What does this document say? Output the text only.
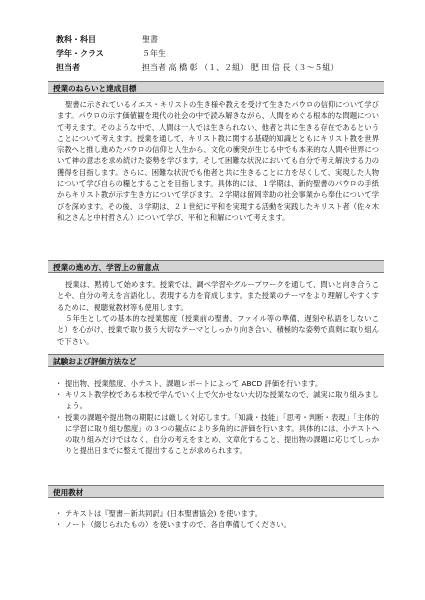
教科・科目	聖書
学年・クラス	５年生
担当者	担当者 高 橋 彰 （１、２組） 肥 田 信 長（３～５組）
授業のねらいと達成目標

聖書に示されているイエス・キリストの生き様や教えを受けて生きたパウロの信仰について学びます。パウロの示す価値観を現代の社会の中で読み解きながら、人間をめぐる根本的な問題について考えます。そのような中で、人間は一人では生きられない、他者と共に生きる存在であるということについて考えます。授業を通して、キリスト教に関する基礎的知識とともにキリスト教を世界宗教へと推し進めたパウロの信仰と人生から、文化の衝突が生じる中でも本来的な人間や世界について神の意志を求め続けた姿勢を学びます。そして困難な状況においても自分で考え解決する力の獲得を目指します。さらに、困難な状況でも他者と共に生きることに力を尽くして、実現した人物について学び自らの糧とすることを目指します。具体的には、１学期は、新約聖書のパウロの手紙からキリスト教が示す生き方について学びます。２学期は留岡幸助の社会事業から奉仕について学びを深めます。その後、３学期は、２１世紀に平和を実現する活動を実践したキリスト者（佐々木和之さんと中村哲さん）について学び、平和と和解について考えます。

授業の進め方、学習上の留意点

授業は、黙祷して始めます。授業では、調べ学習やグループワークを通して、問いと向き合うことや、自分の考えを言語化し、表現する力を育成します。また授業のテーマをより理解しやすくするために、視聴覚教材等も使用します。

５年生としての基本的な授業態度（授業前の聖書、ファイル等の準備、遅刻や私語をしないこと）を心がけ、授業で取り扱う大切なテーマとしっかり向き合い、積極的な姿勢で真剣に取り組んで下さい。

試験および評価方法など
・ 提出物、授業態度、小テスト、課題レポートによって ABCD 評価を行います。
・ キリスト教学校である本校で学んでいく上で欠かせない大切な授業なので、誠実に取り組みましょう。
・ 授業の課題や提出物の期限には厳しく対応します。「知識・技能」「思考・判断・表現」「主体的に学習に取り組む態度」の３つの観点により多角的に評価を行います。具体的には、小テストへの取り組みだけではなく、自分の考えをまとめ、文章化すること、提出物の課題に応じてしっかりと提出日までに整えて提出することが求められます。
使用教材
・ テキストは『聖書－新共同訳』(日本聖書協会) を使います。
・ ノート（綴じられたもの）を使いますので、各自準備してください。
